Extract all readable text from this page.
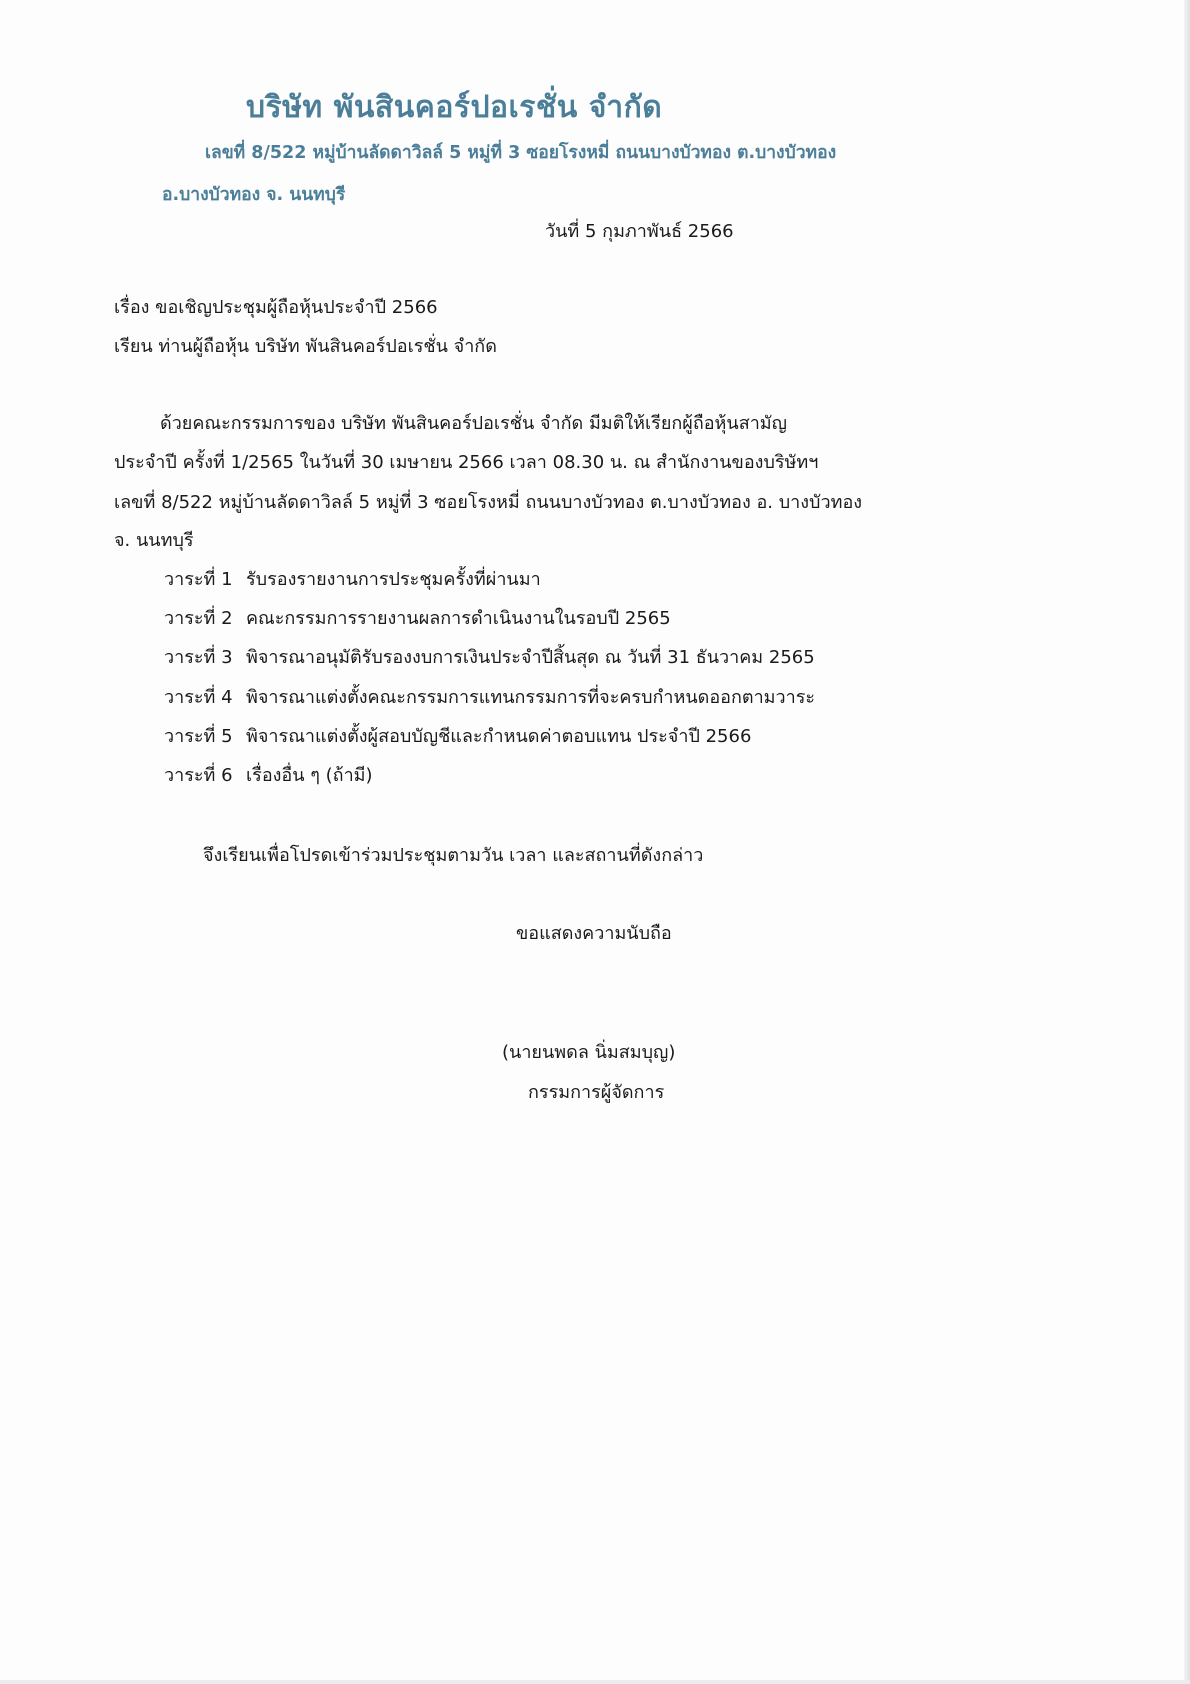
บริษัท พันสินคอร์ปอเรชั่น จำกัด
เลขที่ 8/522 หมู่บ้านลัดดาวิลล์ 5 หมู่ที่ 3 ซอยโรงหมี่ ถนนบางบัวทอง ต.บางบัวทอง
อ.บางบัวทอง จ. นนทบุรี
วันที่ 5 กุมภาพันธ์ 2566
เรื่อง ขอเชิญประชุมผู้ถือหุ้นประจำปี 2566
เรียน ท่านผู้ถือหุ้น บริษัท พันสินคอร์ปอเรชั่น จำกัด
ด้วยคณะกรรมการของ บริษัท พันสินคอร์ปอเรชั่น จำกัด มีมติให้เรียกผู้ถือหุ้นสามัญ
ประจำปี ครั้งที่ 1/2565 ในวันที่ 30 เมษายน 2566 เวลา 08.30 น. ณ สำนักงานของบริษัทฯ
เลขที่ 8/522 หมู่บ้านลัดดาวิลล์ 5 หมู่ที่ 3 ซอยโรงหมี่ ถนนบางบัวทอง ต.บางบัวทอง อ. บางบัวทอง
จ. นนทบุรี
วาระที่ 1 รับรองรายงานการประชุมครั้งที่ผ่านมา
วาระที่ 2 คณะกรรมการรายงานผลการดำเนินงานในรอบปี 2565
วาระที่ 3 พิจารณาอนุมัติรับรองงบการเงินประจำปีสิ้นสุด ณ วันที่ 31 ธันวาคม 2565
วาระที่ 4 พิจารณาแต่งตั้งคณะกรรมการแทนกรรมการที่จะครบกำหนดออกตามวาระ
วาระที่ 5 พิจารณาแต่งตั้งผู้สอบบัญชีและกำหนดค่าตอบแทน ประจำปี 2566
วาระที่ 6 เรื่องอื่น ๆ (ถ้ามี)
จึงเรียนเพื่อโปรดเข้าร่วมประชุมตามวัน เวลา และสถานที่ดังกล่าว
ขอแสดงความนับถือ
(นายนพดล นิ่มสมบุญ)
กรรมการผู้จัดการ
